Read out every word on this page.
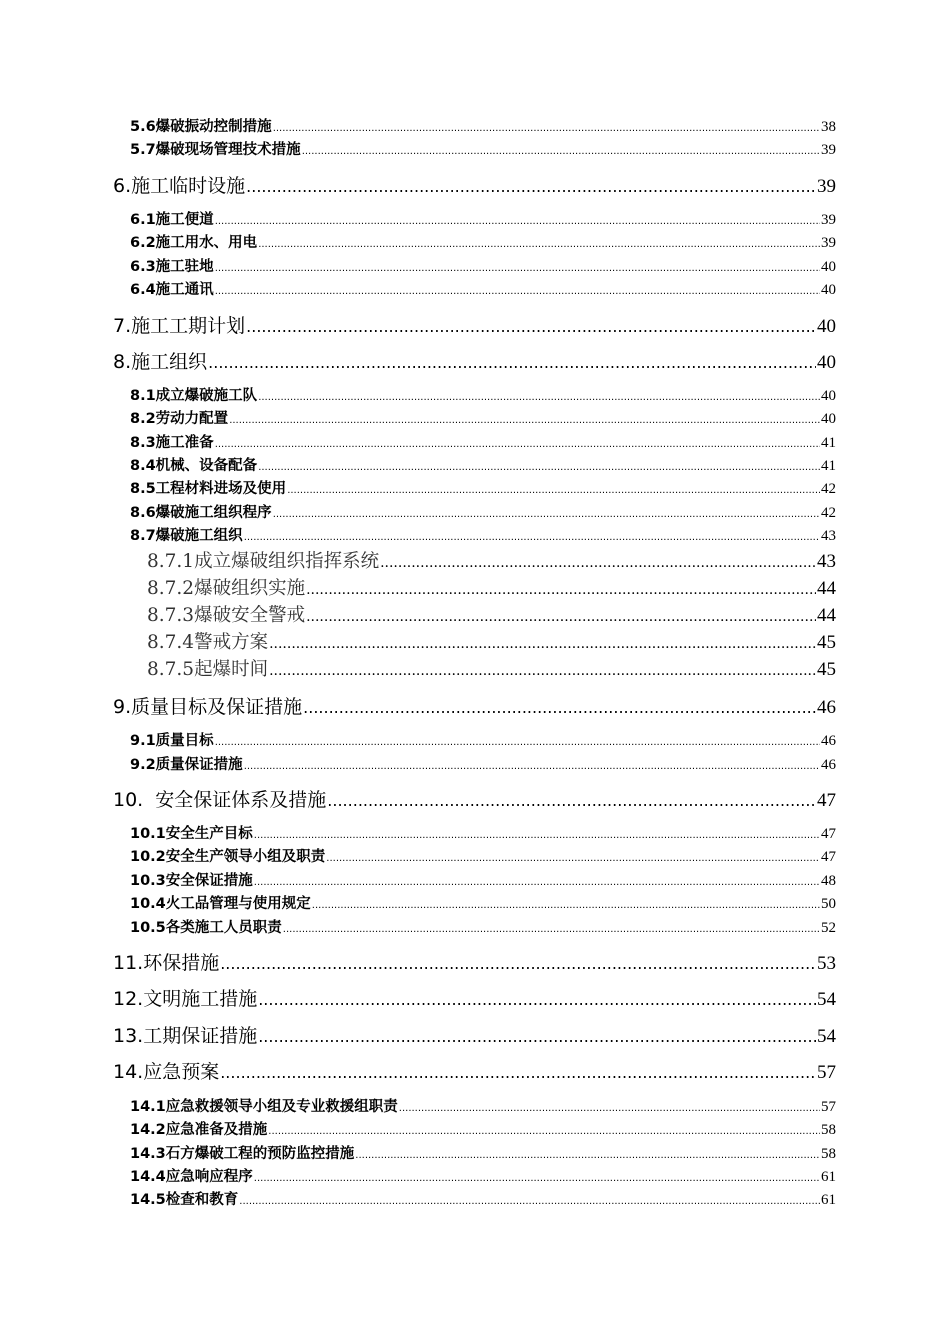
5.6爆破振动控制措施 .....	38
5.7爆破现场管理技术措施 .....	39
6.施工临时设施 .....	39
6.1施工便道 .....	39
6.2施工用水、用电 .....	39
6.3施工驻地 .....	40
6.4施工通讯 .....	40
7.施工工期计划 .....	40
8.施工组织 .....	40
8.1成立爆破施工队 .....	40
8.2劳动力配置 .....	40
8.3施工准备 .....	41
8.4机械、设备配备 .....	41
8.5工程材料进场及使用 .....	42
8.6爆破施工组织程序 .....	42
8.7爆破施工组织 .....	43
8.7.1成立爆破组织指挥系统 .....	43
8.7.2爆破组织实施 .....	44
8.7.3爆破安全警戒 .....	44
8.7.4警戒方案 .....	45
8.7.5起爆时间 .....	45
9.质量目标及保证措施 .....	46
9.1质量目标 .....	46
9.2质量保证措施 .....	46
10.  安全保证体系及措施 .....	47
10.1安全生产目标 .....	47
10.2安全生产领导小组及职责 .....	47
10.3安全保证措施 .....	48
10.4火工品管理与使用规定 .....	50
10.5各类施工人员职责 .....	52
11.环保措施 .....	53
12.文明施工措施 .....	54
13.工期保证措施 .....	54
14.应急预案 .....	57
14.1应急救援领导小组及专业救援组职责 .....	57
14.2应急准备及措施 .....	58
14.3石方爆破工程的预防监控措施 .....	58
14.4应急响应程序 .....	61
14.5检查和教育 .....	61
